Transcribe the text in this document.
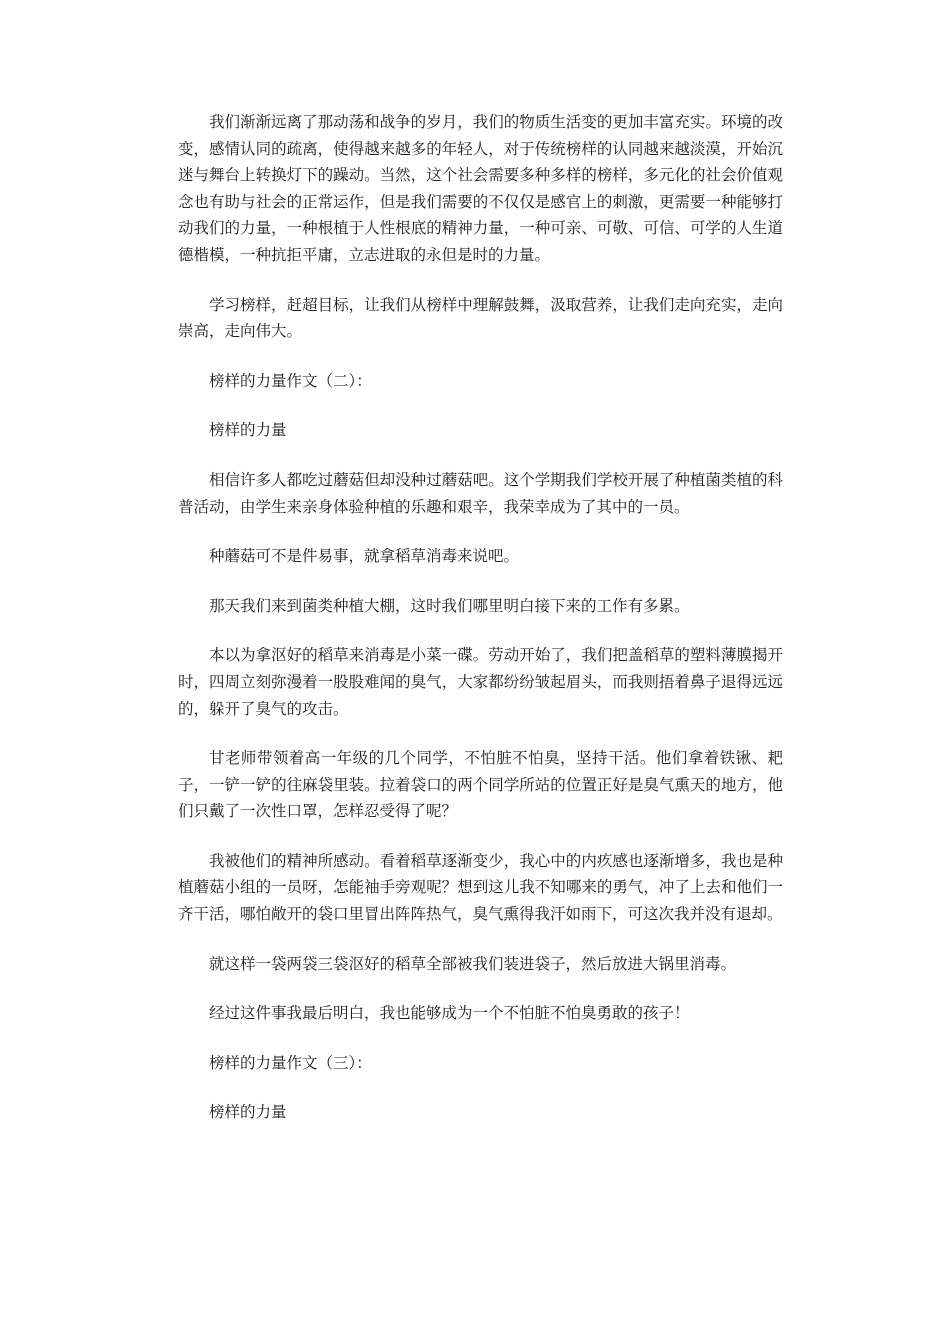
我们渐渐远离了那动荡和战争的岁月，我们的物质生活变的更加丰富充实。环境的改变，感情认同的疏离，使得越来越多的年轻人，对于传统榜样的认同越来越淡漠，开始沉迷与舞台上转换灯下的躁动。当然，这个社会需要多种多样的榜样，多元化的社会价值观念也有助与社会的正常运作，但是我们需要的不仅仅是感官上的刺激，更需要一种能够打动我们的力量，一种根植于人性根底的精神力量，一种可亲、可敬、可信、可学的人生道德楷模，一种抗拒平庸，立志进取的永但是时的力量。

学习榜样，赶超目标，让我们从榜样中理解鼓舞，汲取营养，让我们走向充实，走向崇高，走向伟大。

榜样的力量作文（二）：

榜样的力量

相信许多人都吃过蘑菇但却没种过蘑菇吧。这个学期我们学校开展了种植菌类植的科普活动，由学生来亲身体验种植的乐趣和艰辛，我荣幸成为了其中的一员。

种蘑菇可不是件易事，就拿稻草消毒来说吧。

那天我们来到菌类种植大棚，这时我们哪里明白接下来的工作有多累。

本以为拿沤好的稻草来消毒是小菜一碟。劳动开始了，我们把盖稻草的塑料薄膜揭开时，四周立刻弥漫着一股股难闻的臭气，大家都纷纷皱起眉头，而我则捂着鼻子退得远远的，躲开了臭气的攻击。

甘老师带领着高一年级的几个同学，不怕脏不怕臭，坚持干活。他们拿着铁锹、耙子，一铲一铲的往麻袋里装。拉着袋口的两个同学所站的位置正好是臭气熏天的地方，他们只戴了一次性口罩，怎样忍受得了呢？

我被他们的精神所感动。看着稻草逐渐变少，我心中的内疚感也逐渐增多，我也是种植蘑菇小组的一员呀，怎能袖手旁观呢？想到这儿我不知哪来的勇气，冲了上去和他们一齐干活，哪怕敞开的袋口里冒出阵阵热气，臭气熏得我汗如雨下，可这次我并没有退却。

就这样一袋两袋三袋沤好的稻草全部被我们装进袋子，然后放进大锅里消毒。

经过这件事我最后明白，我也能够成为一个不怕脏不怕臭勇敢的孩子！

榜样的力量作文（三）：

榜样的力量
